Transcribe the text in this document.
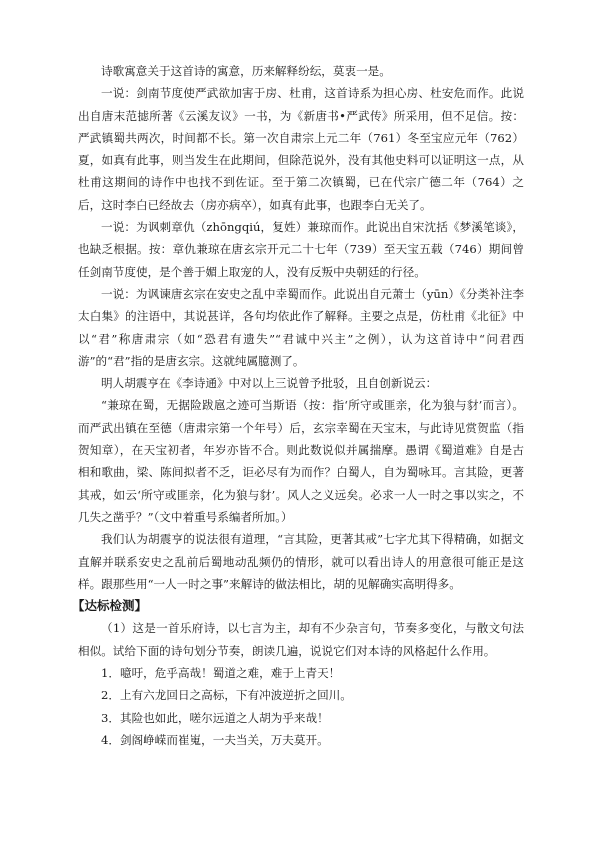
诗歌寓意关于这首诗的寓意，历来解释纷纭，莫衷一是。

一说：剑南节度使严武欲加害于房、杜甫，这首诗系为担心房、杜安危而作。此说出自唐末范摅所著《云溪友议》一书，为《新唐书•严武传》所采用，但不足信。按：严武镇蜀共两次，时间都不长。第一次自肃宗上元二年（761）冬至宝应元年（762）夏，如真有此事，则当发生在此期间，但除范说外，没有其他史料可以证明这一点，从杜甫这期间的诗作中也找不到佐证。至于第二次镇蜀，已在代宗广德二年（764）之后，这时李白已经故去（房亦病卒），如真有此事，也跟李白无关了。

一说：为讽刺章仇（zhōngqiú，复姓）兼琼而作。此说出自宋沈括《梦溪笔谈》，也缺乏根据。按：章仇兼琼在唐玄宗开元二十七年（739）至天宝五载（746）期间曾任剑南节度使，是个善于媚上取宠的人，没有反叛中央朝廷的行径。

一说：为讽谏唐玄宗在安史之乱中幸蜀而作。此说出自元萧士（yūn）《分类补注李太白集》的注语中，其说甚详，各句均依此作了解释。主要之点是，仿杜甫《北征》中以“君”称唐肃宗（如“恐君有遗失”“君诚中兴主”之例），认为这首诗中“问君西游”的“君”指的是唐玄宗。这就纯属臆测了。

明人胡震亨在《李诗通》中对以上三说曾予批驳，且自创新说云：

“兼琼在蜀，无据险跋扈之迹可当斯语（按：指‘所守或匪亲，化为狼与豺’而言）。而严武出镇在至德（唐肃宗第一个年号）后，玄宗幸蜀在天宝末，与此诗见赏贺监（指贺知章），在天宝初者，年岁亦皆不合。则此数说似并属揣摩。愚谓《蜀道难》自是古相和歌曲，梁、陈间拟者不乏，讵必尽有为而作？白蜀人，自为蜀咏耳。言其险，更著其戒，如云‘所守或匪亲，化为狼与豺’。风人之义远矣。必求一人一时之事以实之，不几失之凿乎？”（文中着重号系编者所加。）

我们认为胡震亨的说法很有道理，“言其险，更著其戒”七字尤其下得精确，如据文直解并联系安史之乱前后蜀地动乱频仍的情形，就可以看出诗人的用意很可能正是这样。跟那些用“一人一时之事”来解诗的做法相比，胡的见解确实高明得多。

【达标检测】

（1）这是一首乐府诗，以七言为主，却有不少杂言句，节奏多变化，与散文句法相似。试给下面的诗句划分节奏，朗读几遍，说说它们对本诗的风格起什么作用。

1．噫吁，危乎高哉！蜀道之难，难于上青天！

2．上有六龙回日之高标，下有冲波逆折之回川。

3．其险也如此，嗟尔远道之人胡为乎来哉！

4．剑阁峥嵘而崔嵬，一夫当关，万夫莫开。
